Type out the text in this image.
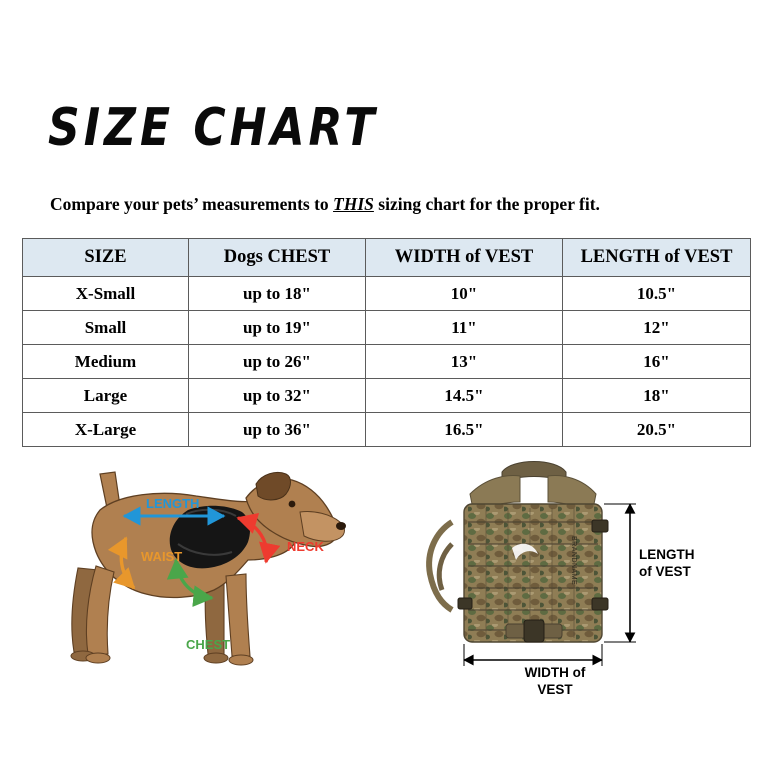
SIZE CHART
Compare your pets’ measurements to THIS sizing chart for the proper fit.
SIZE	Dogs CHEST	WIDTH of VEST	LENGTH of VEST
X-Small	up to 18"	10"	10.5"
Small	up to 19"	11"	12"
Medium	up to 26"	13"	16"
Large	up to 32"	14.5"	18"
X-Large	up to 36"	16.5"	20.5"
BRANDNAME
LENGTH
WAIST
NECK
CHEST
LENGTH
of VEST
WIDTH of
VEST
